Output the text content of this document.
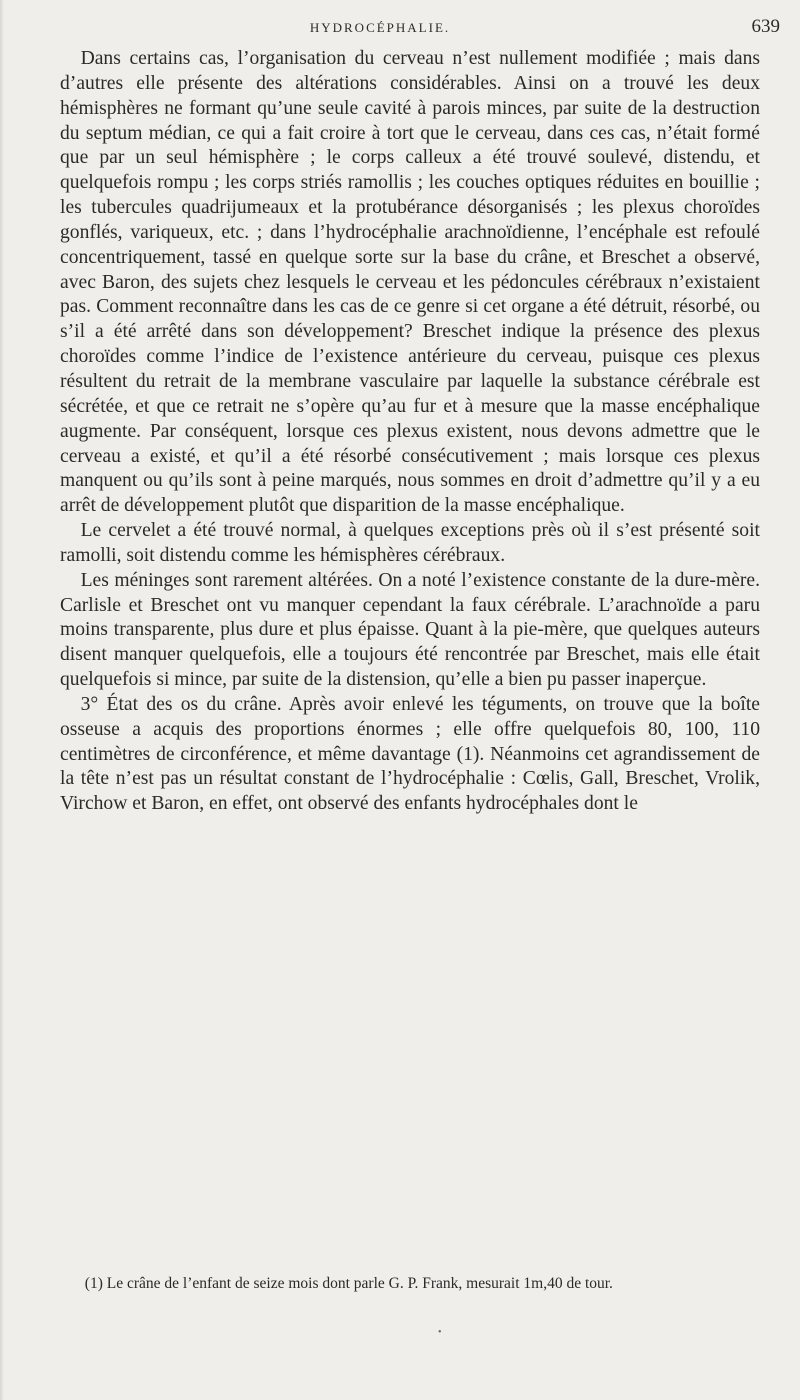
HYDROCÉPHALIE.	639

Dans certains cas, l’organisation du cerveau n’est nullement modifiée ; mais dans d’autres elle présente des altérations considérables. Ainsi on a trouvé les deux hémisphères ne formant qu’une seule cavité à parois minces, par suite de la destruction du septum médian, ce qui a fait croire à tort que le cerveau, dans ces cas, n’était formé que par un seul hémisphère ; le corps calleux a été trouvé soulevé, distendu, et quelquefois rompu ; les corps striés ramollis ; les couches optiques réduites en bouillie ; les tubercules quadrijumeaux et la protubérance désorganisés ; les plexus choroïdes gonflés, variqueux, etc. ; dans l’hydrocéphalie arachnoïdienne, l’encéphale est refoulé concentriquement, tassé en quelque sorte sur la base du crâne, et Breschet a observé, avec Baron, des sujets chez lesquels le cerveau et les pédoncules cérébraux n’existaient pas. Comment reconnaître dans les cas de ce genre si cet organe a été détruit, résorbé, ou s’il a été arrêté dans son développement? Breschet indique la présence des plexus choroïdes comme l’indice de l’existence antérieure du cerveau, puisque ces plexus résultent du retrait de la membrane vasculaire par laquelle la substance cérébrale est sécrétée, et que ce retrait ne s’opère qu’au fur et à mesure que la masse encéphalique augmente. Par conséquent, lorsque ces plexus existent, nous devons admettre que le cerveau a existé, et qu’il a été résorbé consécutivement ; mais lorsque ces plexus manquent ou qu’ils sont à peine marqués, nous sommes en droit d’admettre qu’il y a eu arrêt de développement plutôt que disparition de la masse encéphalique.

Le cervelet a été trouvé normal, à quelques exceptions près où il s’est présenté soit ramolli, soit distendu comme les hémisphères cérébraux.

Les méninges sont rarement altérées. On a noté l’existence constante de la dure-mère. Carlisle et Breschet ont vu manquer cependant la faux cérébrale. L’arachnoïde a paru moins transparente, plus dure et plus épaisse. Quant à la pie-mère, que quelques auteurs disent manquer quelquefois, elle a toujours été rencontrée par Breschet, mais elle était quelquefois si mince, par suite de la distension, qu’elle a bien pu passer inaperçue.

3° État des os du crâne. Après avoir enlevé les téguments, on trouve que la boîte osseuse a acquis des proportions énormes ; elle offre quelquefois 80, 100, 110 centimètres de circonférence, et même davantage (1). Néanmoins cet agrandissement de la tête n’est pas un résultat constant de l’hydrocéphalie : Cœlis, Gall, Breschet, Vrolik, Virchow et Baron, en effet, ont observé des enfants hydrocéphales dont le

(1) Le crâne de l’enfant de seize mois dont parle G. P. Frank, mesurait 1m,40 de tour.

•
